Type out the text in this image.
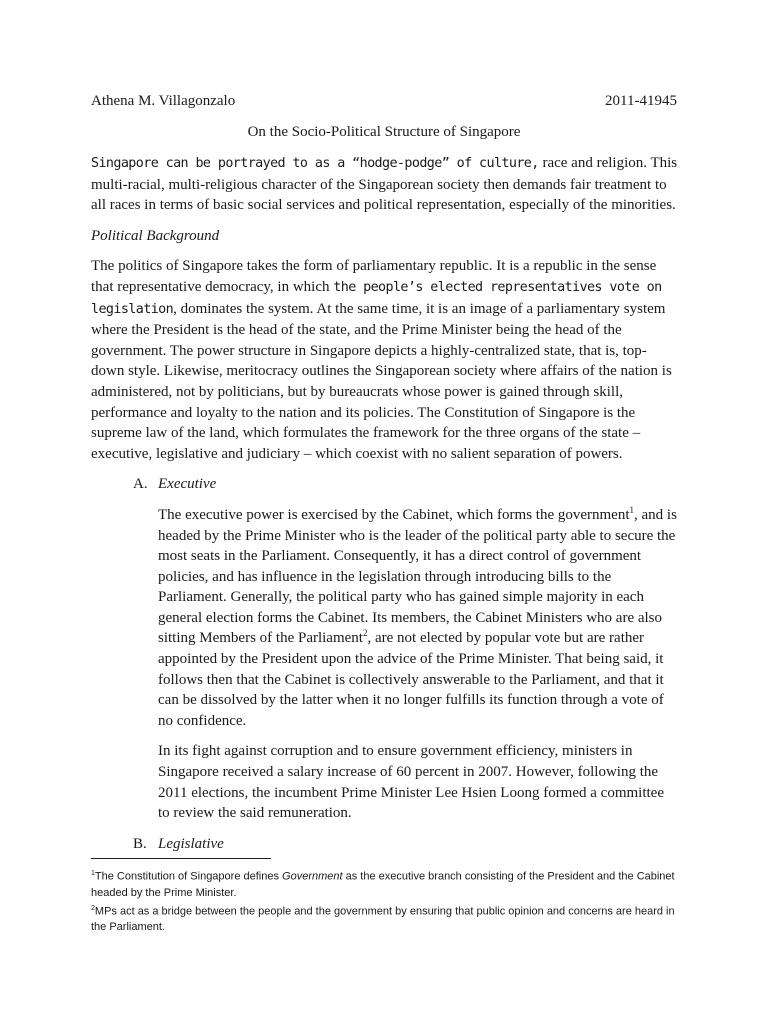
Athena M. Villagonzalo	2011-41945
On the Socio-Political Structure of Singapore

Singapore can be portrayed to as a “hodge-podge” of culture, race and religion. This multi-racial, multi-religious character of the Singaporean society then demands fair treatment to all races in terms of basic social services and political representation, especially of the minorities.

Political Background

The politics of Singapore takes the form of parliamentary republic. It is a republic in the sense that representative democracy, in which the people’s elected representatives vote on legislation, dominates the system. At the same time, it is an image of a parliamentary system where the President is the head of the state, and the Prime Minister being the head of the government. The power structure in Singapore depicts a highly-centralized state, that is, top-down style. Likewise, meritocracy outlines the Singaporean society where affairs of the nation is administered, not by politicians, but by bureaucrats whose power is gained through skill, performance and loyalty to the nation and its policies. The Constitution of Singapore is the supreme law of the land, which formulates the framework for the three organs of the state – executive, legislative and judiciary – which coexist with no salient separation of powers.

A. Executive

The executive power is exercised by the Cabinet, which forms the government$^1$, and is headed by the Prime Minister who is the leader of the political party able to secure the most seats in the Parliament. Consequently, it has a direct control of government policies, and has influence in the legislation through introducing bills to the Parliament. Generally, the political party who has gained simple majority in each general election forms the Cabinet. Its members, the Cabinet Ministers who are also sitting Members of the Parliament$^2$, are not elected by popular vote but are rather appointed by the President upon the advice of the Prime Minister. That being said, it follows then that the Cabinet is collectively answerable to the Parliament, and that it can be dissolved by the latter when it no longer fulfills its function through a vote of no confidence.

In its fight against corruption and to ensure government efficiency, ministers in Singapore received a salary increase of 60 percent in 2007. However, following the 2011 elections, the incumbent Prime Minister Lee Hsien Loong formed a committee to review the said remuneration.

B. Legislative
$^1$The Constitution of Singapore defines Government as the executive branch consisting of the President and the Cabinet headed by the Prime Minister.
$^2$MPs act as a bridge between the people and the government by ensuring that public opinion and concerns are heard in the Parliament.
